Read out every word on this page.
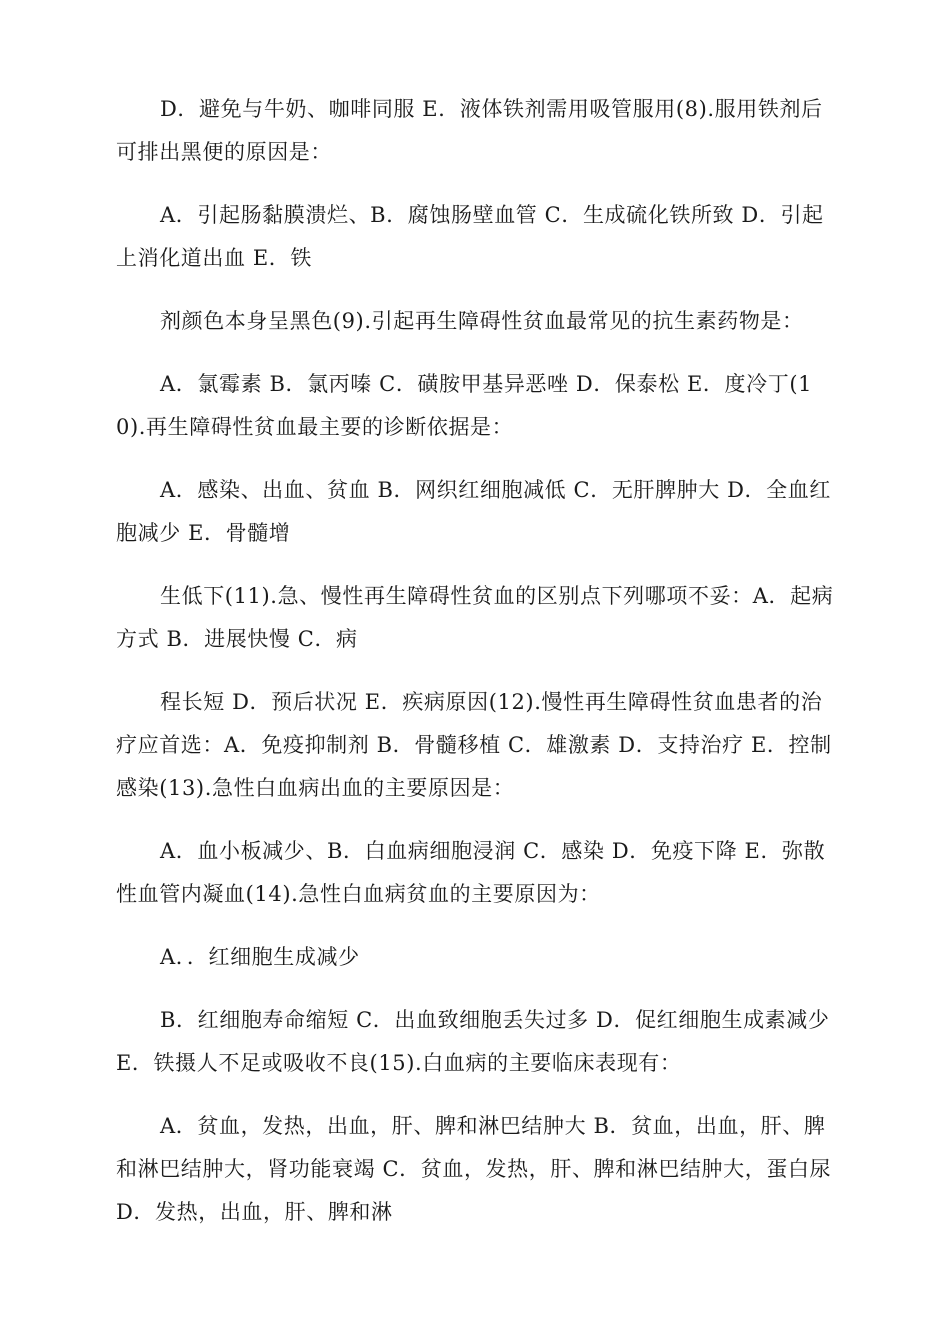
D．避免与牛奶、咖啡同服 E．液体铁剂需用吸管服用(8).服用铁剂后可排出黑便的原因是：

A．引起肠黏膜溃烂、B．腐蚀肠壁血管 C．生成硫化铁所致 D．引起上消化道出血 E．铁

剂颜色本身呈黑色(9).引起再生障碍性贫血最常见的抗生素药物是：

A．氯霉素 B．氯丙嗪 C．磺胺甲基异恶唑 D．保泰松 E．度冷丁(10).再生障碍性贫血最主要的诊断依据是：

A．感染、出血、贫血 B．网织红细胞减低 C．无肝脾肿大 D．全血红胞减少 E．骨髓增

生低下(11).急、慢性再生障碍性贫血的区别点下列哪项不妥：A．起病方式 B．进展快慢 C．病

程长短 D．预后状况 E．疾病原因(12).慢性再生障碍性贫血患者的治疗应首选：A．免疫抑制剂 B．骨髓移植 C．雄激素 D．支持治疗 E．控制感染(13).急性白血病出血的主要原因是：

A．血小板减少、B．白血病细胞浸润 C．感染 D．免疫下降 E．弥散性血管内凝血(14).急性白血病贫血的主要原因为：

A．．红细胞生成减少

B．红细胞寿命缩短 C．出血致细胞丢失过多 D．促红细胞生成素减少 E．铁摄人不足或吸收不良(15).白血病的主要临床表现有：

A．贫血，发热，出血，肝、脾和淋巴结肿大 B．贫血，出血，肝、脾和淋巴结肿大，肾功能衰竭 C．贫血，发热，肝、脾和淋巴结肿大，蛋白尿 D．发热，出血，肝、脾和淋
